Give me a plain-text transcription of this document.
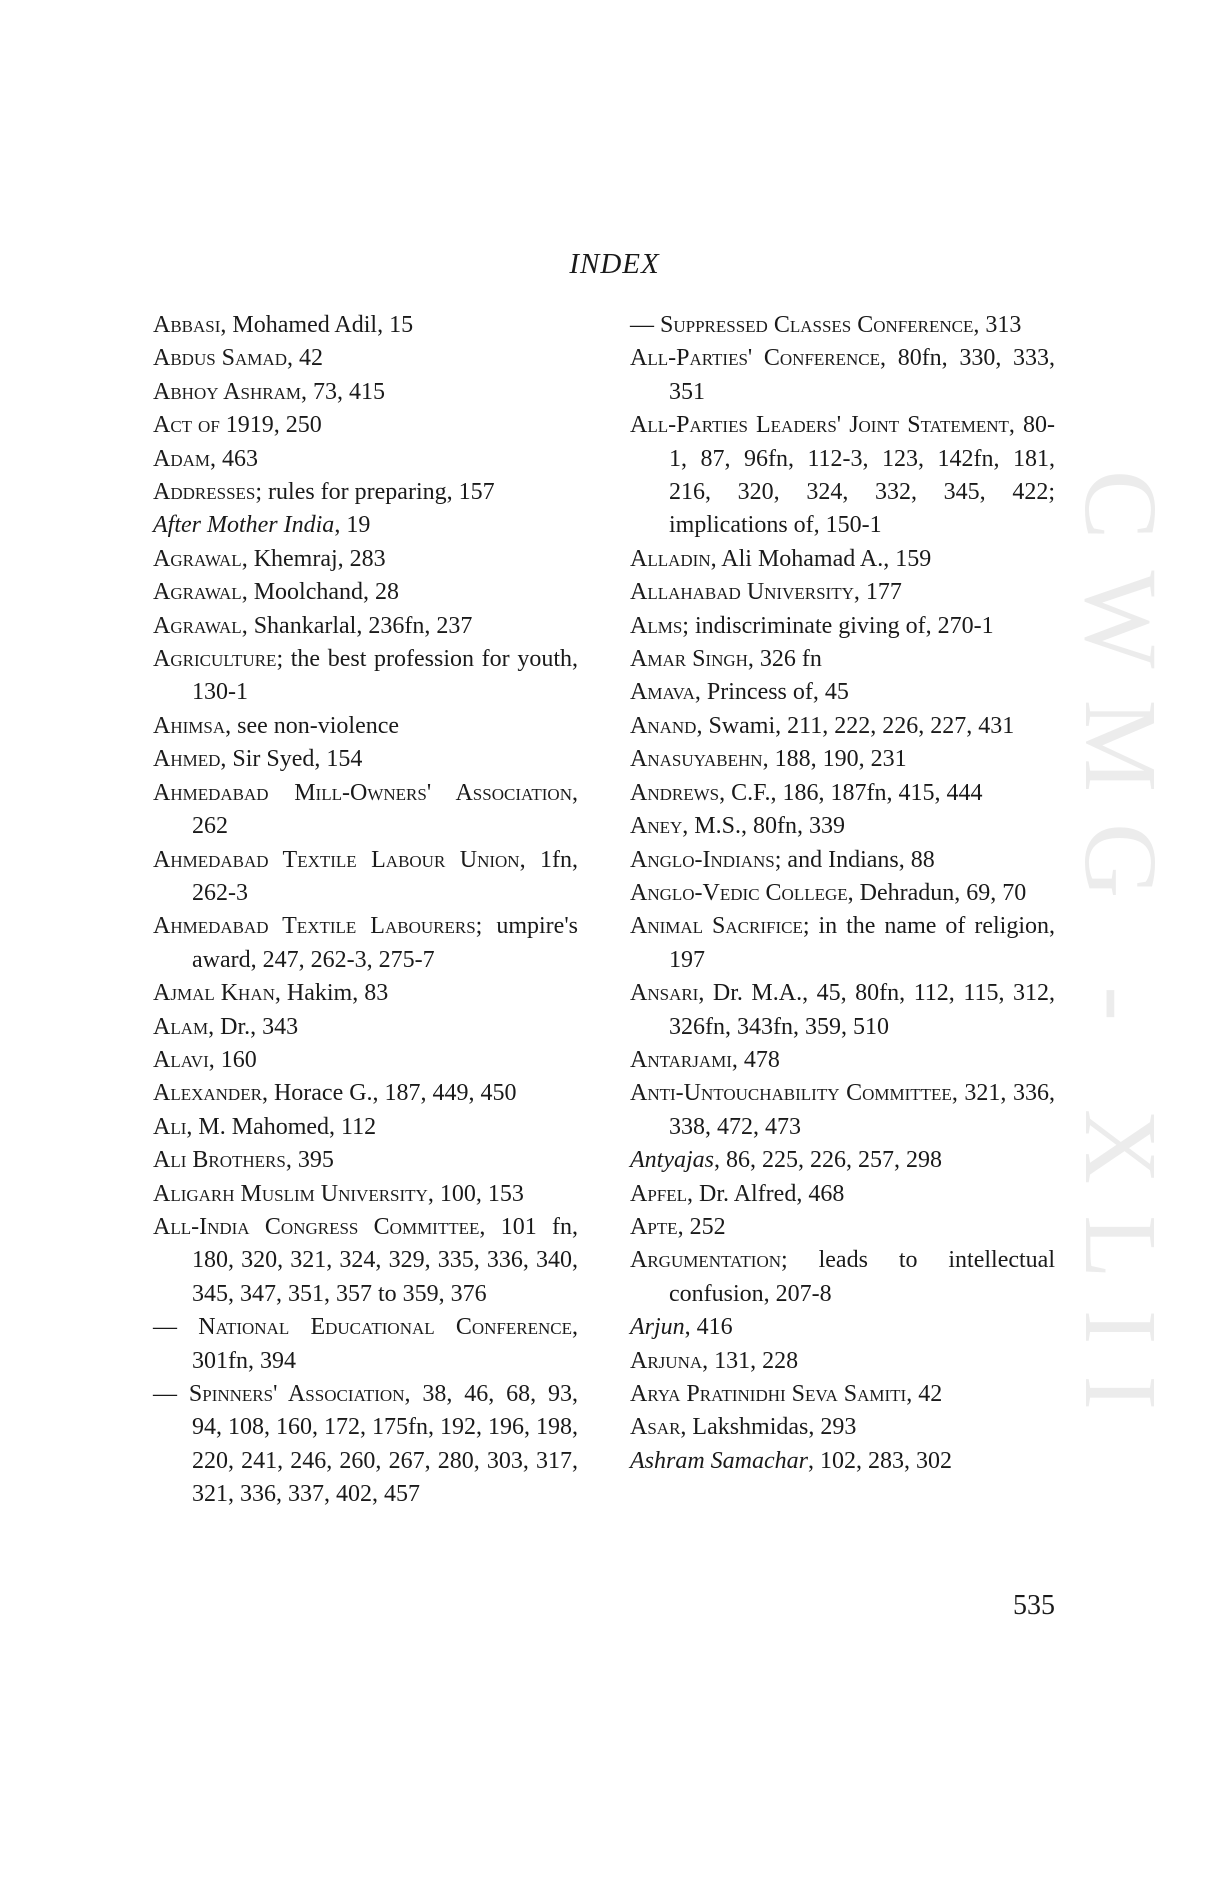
CWMG - XLII
INDEX
Abbasi, Mohamed Adil, 15
Abdus Samad, 42
Abhoy Ashram, 73, 415
Act of 1919, 250
Adam, 463
Addresses; rules for preparing, 157
After Mother India, 19
Agrawal, Khemraj, 283
Agrawal, Moolchand, 28
Agrawal, Shankarlal, 236fn, 237
Agriculture; the best profession for youth, 130-1
Ahimsa, see non-violence
Ahmed, Sir Syed, 154
Ahmedabad Mill-Owners' Association, 262
Ahmedabad Textile Labour Union, 1fn, 262-3
Ahmedabad Textile Labourers; umpire's award, 247, 262-3, 275-7
Ajmal Khan, Hakim, 83
Alam, Dr., 343
Alavi, 160
Alexander, Horace G., 187, 449, 450
Ali, M. Mahomed, 112
Ali Brothers, 395
Aligarh Muslim University, 100, 153
All-India Congress Committee, 101 fn, 180, 320, 321, 324, 329, 335, 336, 340, 345, 347, 351, 357 to 359, 376
— National Educational Conference, 301fn, 394
— Spinners' Association, 38, 46, 68, 93, 94, 108, 160, 172, 175fn, 192, 196, 198, 220, 241, 246, 260, 267, 280, 303, 317, 321, 336, 337, 402, 457
— Suppressed Classes Conference, 313
All-Parties' Conference, 80fn, 330, 333, 351
All-Parties Leaders' Joint Statement, 80-1, 87, 96fn, 112-3, 123, 142fn, 181, 216, 320, 324, 332, 345, 422; implications of, 150-1
Alladin, Ali Mohamad A., 159
Allahabad University, 177
Alms; indiscriminate giving of, 270-1
Amar Singh, 326 fn
Amava, Princess of, 45
Anand, Swami, 211, 222, 226, 227, 431
Anasuyabehn, 188, 190, 231
Andrews, C.F., 186, 187fn, 415, 444
Aney, M.S., 80fn, 339
Anglo-Indians; and Indians, 88
Anglo-Vedic College, Dehradun, 69, 70
Animal Sacrifice; in the name of religion, 197
Ansari, Dr. M.A., 45, 80fn, 112, 115, 312, 326fn, 343fn, 359, 510
Antarjami, 478
Anti-Untouchability Committee, 321, 336, 338, 472, 473
Antyajas, 86, 225, 226, 257, 298
Apfel, Dr. Alfred, 468
Apte, 252
Argumentation; leads to intellectual confusion, 207-8
Arjun, 416
Arjuna, 131, 228
Arya Pratinidhi Seva Samiti, 42
Asar, Lakshmidas, 293
Ashram Samachar, 102, 283, 302
535
